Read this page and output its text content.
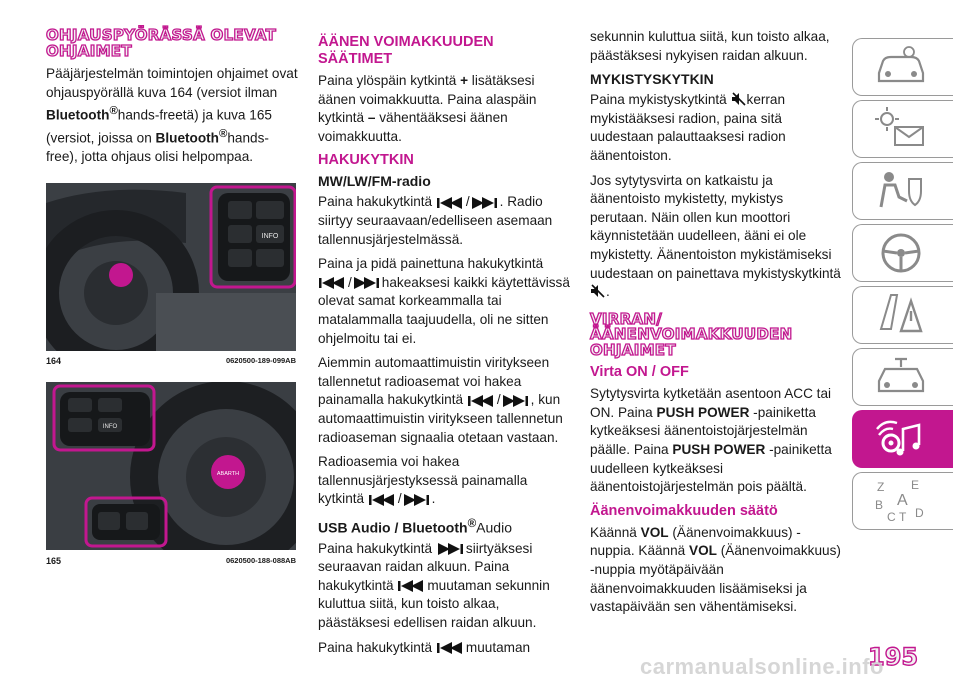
OHJAUSPYÖRÄSSÄ OLEVAT OHJAIMET

Pääjärjestelmän toimintojen ohjaimet ovat ohjauspyörällä kuva 164 (versiot ilman Bluetooth®hands-freetä) ja kuva 165 (versiot, joissa on Bluetooth®hands-free), jotta ohjaus olisi helpompaa.

INFO
164	0620500-189-099AB
ABARTH
INFO
165	0620500-188-088AB
ÄÄNEN VOIMAKKUUDEN SÄÄTIMET

Paina ylöspäin kytkintä + lisätäksesi äänen voimakkuutta. Paina alaspäin kytkintä – vähentääksesi äänen voimakkuutta.

HAKUKYTKIN
MW/LW/FM-radio

Paina hakukytkintä / . Radio siirtyy seuraavaan/edelliseen asemaan tallennusjärjestelmässä.

Paina ja pidä painettuna hakukytkintä
/ hakeaksesi kaikki käytettävissä olevat samat korkeammalla tai matalammalla taajuudella, oli ne sitten ohjelmoitu tai ei.

Aiemmin automaattimuistin viritykseen tallennetut radioasemat voi hakea painamalla hakukytkintä / , kun automaattimuistin viritykseen tallennetun radioaseman signaalia otetaan vastaan.

Radioasemia voi hakea tallennusjärjestyksessä painamalla kytkintä / .

USB Audio / Bluetooth®Audio

Paina hakukytkintä siirtyäksesi seuraavan raidan alkuun. Paina hakukytkintä muutaman sekunnin kuluttua siitä, kun toisto alkaa, päästäksesi edellisen raidan alkuun.

Paina hakukytkintä muutaman

sekunnin kuluttua siitä, kun toisto alkaa, päästäksesi nykyisen raidan alkuun.

MYKISTYSKYTKIN

Paina mykistyskytkintä kerran mykistääksesi radion, paina sitä uudestaan palauttaaksesi radion äänentoiston.

Jos sytytysvirta on katkaistu ja äänentoisto mykistetty, mykistys perutaan. Näin ollen kun moottori käynnistetään uudelleen, ääni ei ole mykistetty. Äänentoiston mykistämiseksi uudestaan on painettava mykistyskytkintä .

VIRRAN/ ÄÄNENVOIMAKKUUDEN OHJAIMET
Virta ON / OFF

Sytytysvirta kytketään asentoon ACC tai ON. Paina PUSH POWER -painiketta kytkeäksesi äänentoistojärjestelmän päälle. Paina PUSH POWER -painiketta uudelleen kytkeäksesi äänentoistojärjestelmän pois päältä.

Äänenvoimakkuuden säätö

Käännä VOL (Äänenvoimakkuus) -nuppia. Käännä VOL (Äänenvoimakkuus) -nuppia myötäpäivään äänenvoimakkuuden lisäämiseksi ja vastapäivään sen vähentämiseksi.

Z E
B A
C T D
195
carmanualsonline.info
